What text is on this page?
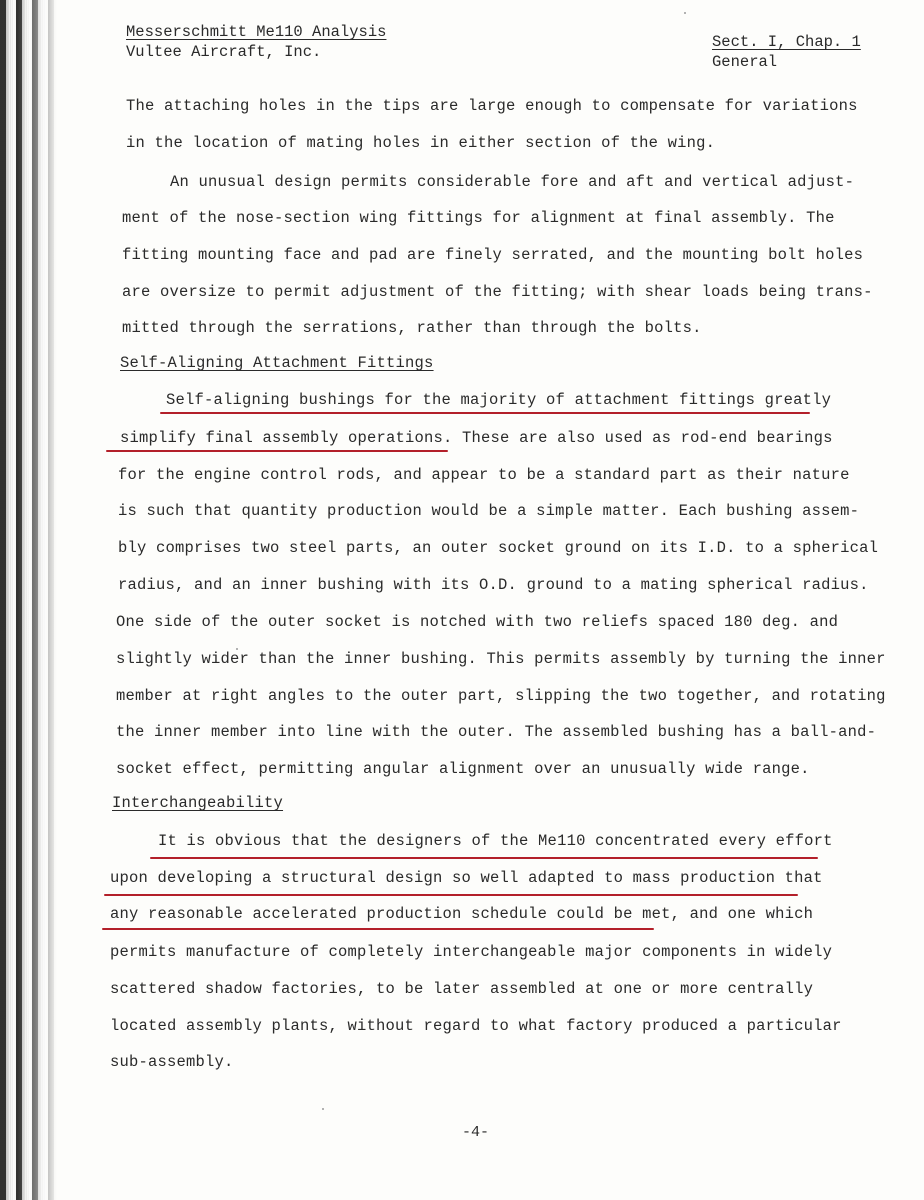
Messerschmitt Me110 Analysis
Vultee Aircraft, Inc.
Sect. I, Chap. 1
General
The attaching holes in the tips are large enough to compensate for variations
in the location of mating holes in either section of the wing.
An unusual design permits considerable fore and aft and vertical adjust-
ment of the nose-section wing fittings for alignment at final assembly. The
fitting mounting face and pad are finely serrated, and the mounting bolt holes
are oversize to permit adjustment of the fitting; with shear loads being trans-
mitted through the serrations, rather than through the bolts.
Self-Aligning Attachment Fittings
Self-aligning bushings for the majority of attachment fittings greatly
simplify final assembly operations. These are also used as rod-end bearings
for the engine control rods, and appear to be a standard part as their nature
is such that quantity production would be a simple matter. Each bushing assem-
bly comprises two steel parts, an outer socket ground on its I.D. to a spherical
radius, and an inner bushing with its O.D. ground to a mating spherical radius.
One side of the outer socket is notched with two reliefs spaced 180 deg. and
slightly wider than the inner bushing. This permits assembly by turning the inner
member at right angles to the outer part, slipping the two together, and rotating
the inner member into line with the outer. The assembled bushing has a ball-and-
socket effect, permitting angular alignment over an unusually wide range.
Interchangeability
It is obvious that the designers of the Me110 concentrated every effort
upon developing a structural design so well adapted to mass production that
any reasonable accelerated production schedule could be met, and one which
permits manufacture of completely interchangeable major components in widely
scattered shadow factories, to be later assembled at one or more centrally
located assembly plants, without regard to what factory produced a particular
sub-assembly.
-4-
